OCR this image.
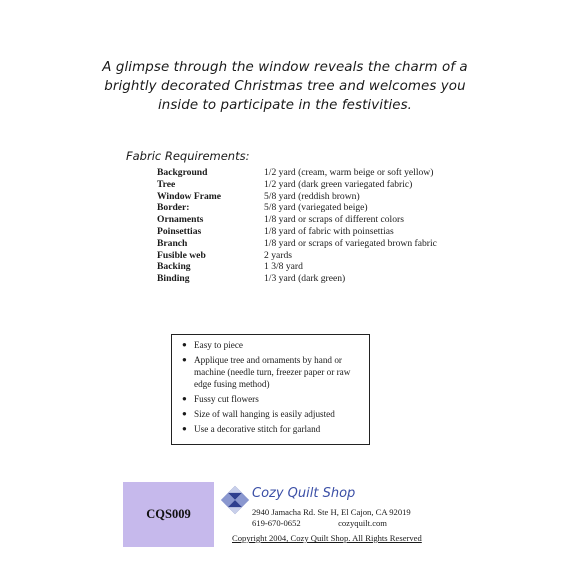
A glimpse through the window reveals the charm of a
brightly decorated Christmas tree and welcomes you
inside to participate in the festivities.
Fabric Requirements:
Background	1/2 yard (cream, warm beige or soft yellow)
Tree	1/2 yard (dark green variegated fabric)
Window Frame	5/8 yard (reddish brown)
Border:	5/8 yard (variegated beige)
Ornaments	1/8 yard or scraps of different colors
Poinsettias	1/8 yard of fabric with poinsettias
Branch	1/8 yard or scraps of variegated brown fabric
Fusible web	2 yards
Backing	1 3/8 yard
Binding	1/3 yard (dark green)
● Easy to piece
● Applique tree and ornaments by hand or machine (needle turn, freezer paper or raw edge fusing method)
● Fussy cut flowers
● Size of wall hanging is easily adjusted
● Use a decorative stitch for garland
CQS009
Cozy Quilt Shop
2940 Jamacha Rd. Ste H, El Cajon, CA 92019
619-670-0652	cozyquilt.com
Copyright 2004, Cozy Quilt Shop. All Rights Reserved
